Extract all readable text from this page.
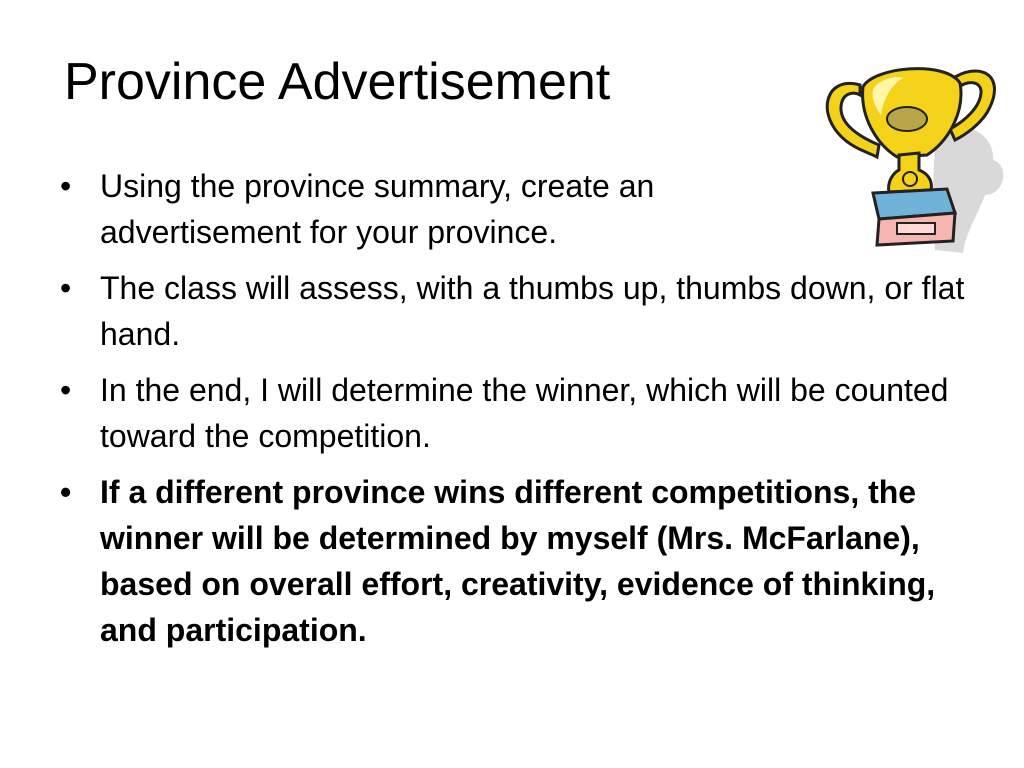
Province Advertisement
• Using the province summary, create an advertisement for your province.
• The class will assess, with a thumbs up, thumbs down, or flat hand.
• In the end, I will determine the winner, which will be counted toward the competition.
• If a different province wins different competitions, the winner will be determined by myself (Mrs. McFarlane), based on overall effort, creativity, evidence of thinking, and participation.
